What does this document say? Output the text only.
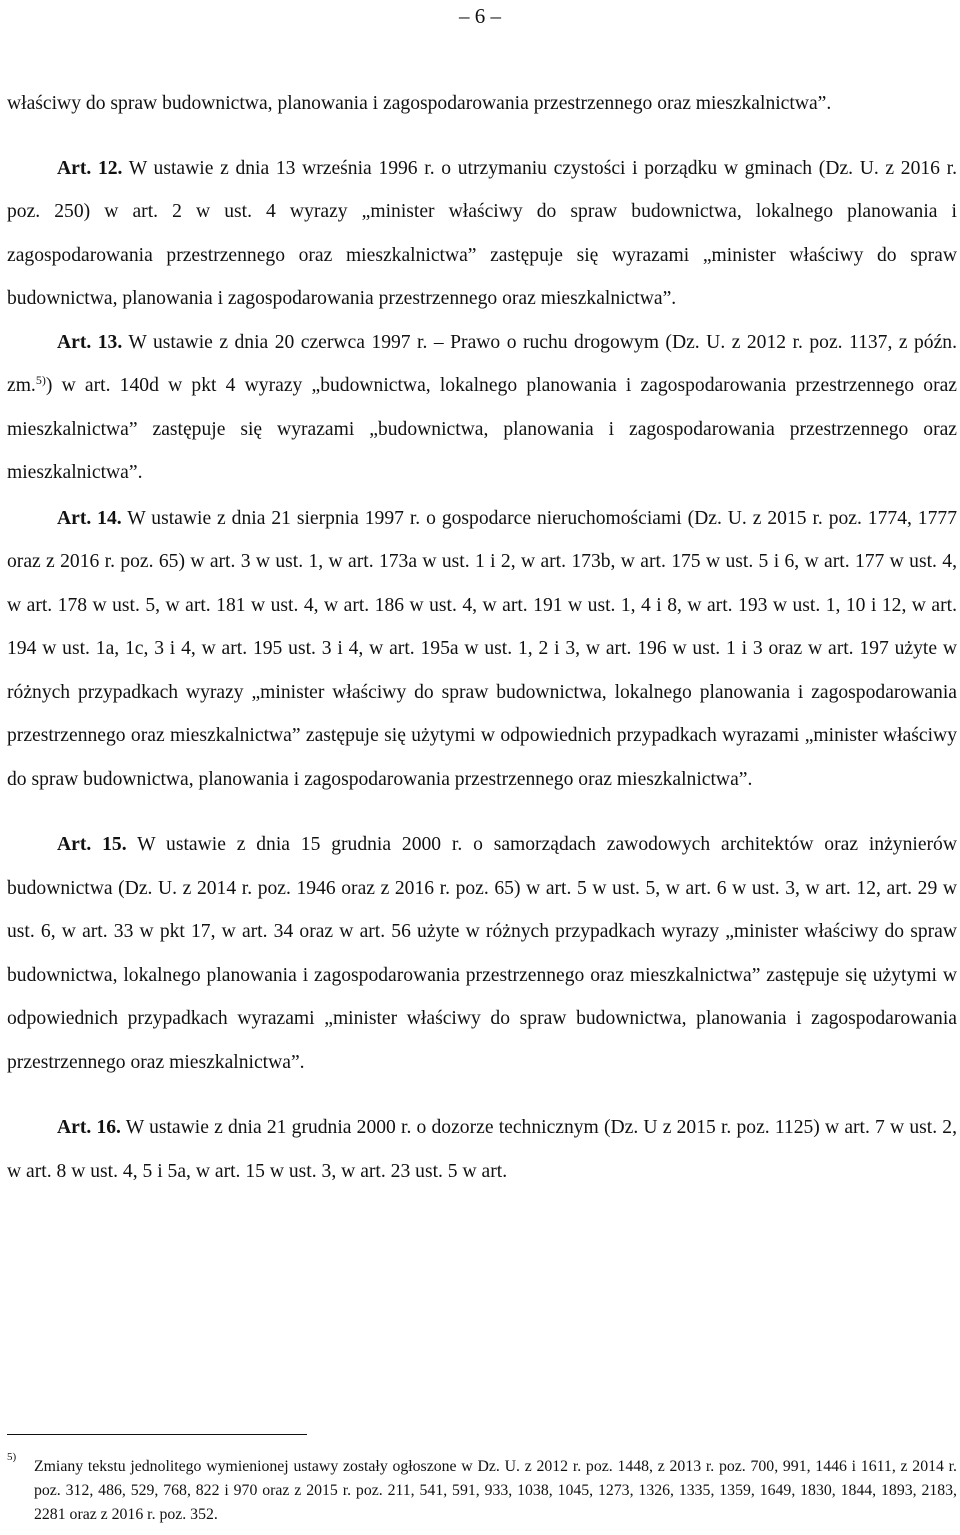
– 6 –

właściwy do spraw budownictwa, planowania i zagospodarowania przestrzennego oraz mieszkalnictwa”.

Art. 12. W ustawie z dnia 13 września 1996 r. o utrzymaniu czystości i porządku w gminach (Dz. U. z 2016 r. poz. 250) w art. 2 w ust. 4 wyrazy „minister właściwy do spraw budownictwa, lokalnego planowania i zagospodarowania przestrzennego oraz mieszkalnictwa” zastępuje się wyrazami „minister właściwy do spraw budownictwa, planowania i zagospodarowania przestrzennego oraz mieszkalnictwa”.

Art. 13. W ustawie z dnia 20 czerwca 1997 r. – Prawo o ruchu drogowym (Dz. U. z 2012 r. poz. 1137, z późn. zm.$^{5)}$) w art. 140d w pkt 4 wyrazy „budownictwa, lokalnego planowania i zagospodarowania przestrzennego oraz mieszkalnictwa” zastępuje się wyrazami „budownictwa, planowania i zagospodarowania przestrzennego oraz mieszkalnictwa”.

Art. 14. W ustawie z dnia 21 sierpnia 1997 r. o gospodarce nieruchomościami (Dz. U. z 2015 r. poz. 1774, 1777 oraz z 2016 r. poz. 65) w art. 3 w ust. 1, w art. 173a w ust. 1 i 2, w art. 173b, w art. 175 w ust. 5 i 6, w art. 177 w ust. 4, w art. 178 w ust. 5, w art. 181 w ust. 4, w art. 186 w ust. 4, w art. 191 w ust. 1, 4 i 8, w art. 193 w ust. 1, 10 i 12, w art. 194 w ust. 1a, 1c, 3 i 4, w art. 195 ust. 3 i 4, w art. 195a w ust. 1, 2 i 3, w art. 196 w ust. 1 i 3 oraz w art. 197 użyte w różnych przypadkach wyrazy „minister właściwy do spraw budownictwa, lokalnego planowania i zagospodarowania przestrzennego oraz mieszkalnictwa” zastępuje się użytymi w odpowiednich przypadkach wyrazami „minister właściwy do spraw budownictwa, planowania i zagospodarowania przestrzennego oraz mieszkalnictwa”.

Art. 15. W ustawie z dnia 15 grudnia 2000 r. o samorządach zawodowych architektów oraz inżynierów budownictwa (Dz. U. z 2014 r. poz. 1946 oraz z 2016 r. poz. 65) w art. 5 w ust. 5, w art. 6 w ust. 3, w art. 12, art. 29 w ust. 6, w art. 33 w pkt 17, w art. 34 oraz w art. 56 użyte w różnych przypadkach wyrazy „minister właściwy do spraw budownictwa, lokalnego planowania i zagospodarowania przestrzennego oraz mieszkalnictwa” zastępuje się użytymi w odpowiednich przypadkach wyrazami „minister właściwy do spraw budownictwa, planowania i zagospodarowania przestrzennego oraz mieszkalnictwa”.

Art. 16. W ustawie z dnia 21 grudnia 2000 r. o dozorze technicznym (Dz. U z 2015 r. poz. 1125) w art. 7 w ust. 2, w art. 8 w ust. 4, 5 i 5a, w art. 15 w ust. 3, w art. 23 ust. 5 w art.

5)
Zmiany tekstu jednolitego wymienionej ustawy zostały ogłoszone w Dz. U. z 2012 r. poz. 1448, z 2013 r. poz. 700, 991, 1446 i 1611, z 2014 r. poz. 312, 486, 529, 768, 822 i 970 oraz z 2015 r. poz. 211, 541, 591, 933, 1038, 1045, 1273, 1326, 1335, 1359, 1649, 1830, 1844, 1893, 2183, 2281 oraz z 2016 r. poz. 352.
